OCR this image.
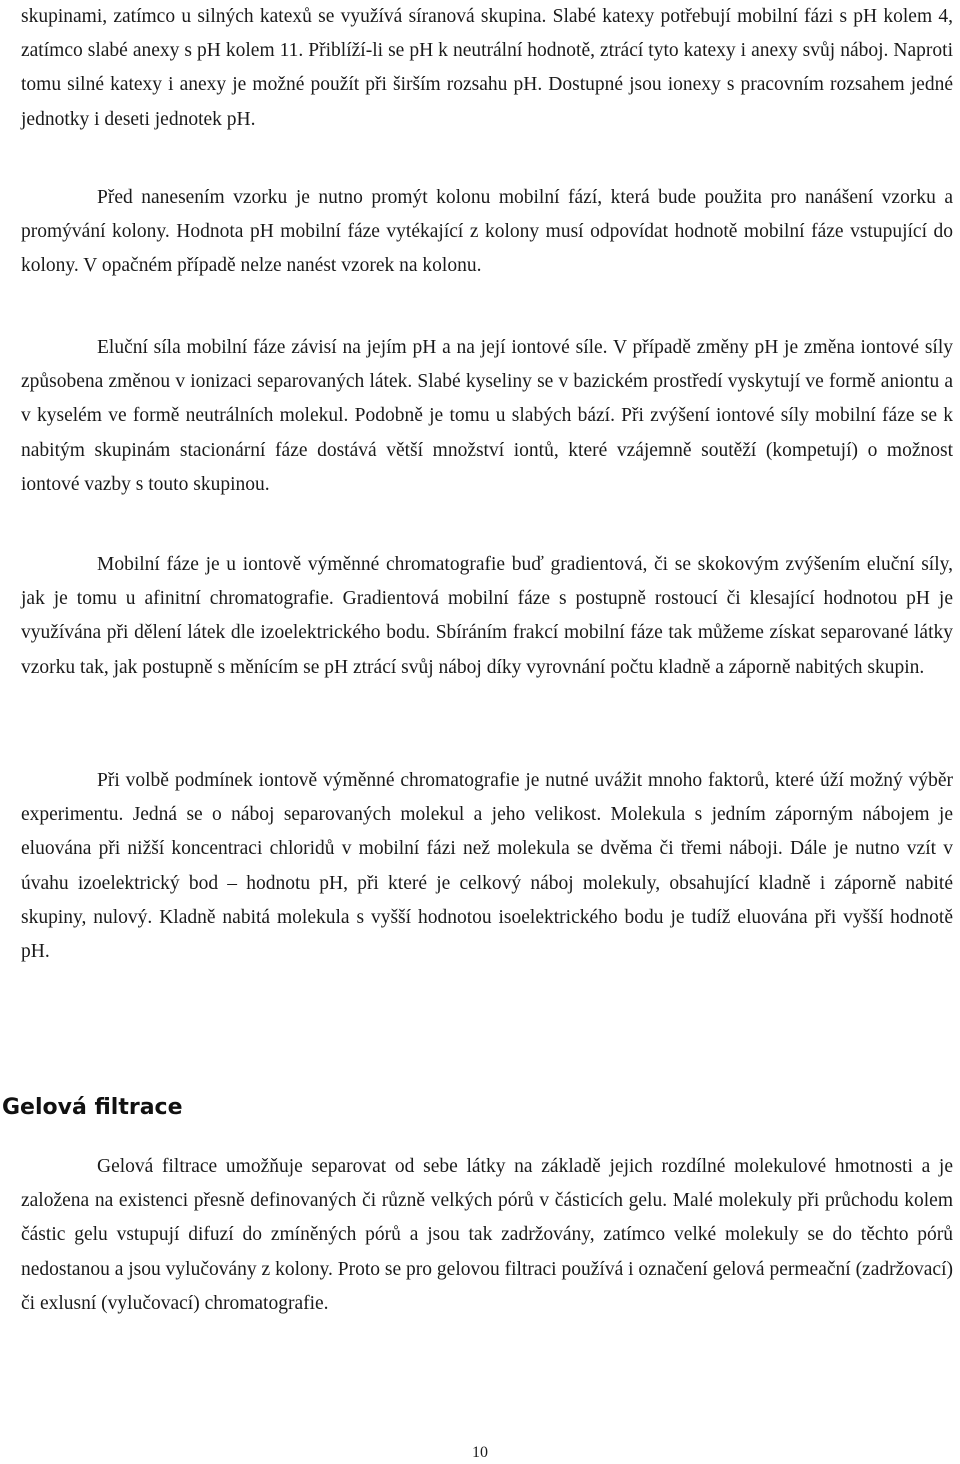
skupinami, zatímco u silných katexů se využívá síranová skupina. Slabé katexy potřebují mobilní fázi s pH kolem 4, zatímco slabé anexy s pH kolem 11. Přiblíží-li se pH k neutrální hodnotě, ztrácí tyto katexy i anexy svůj náboj. Naproti tomu silné katexy i anexy je možné použít při širším rozsahu pH. Dostupné jsou ionexy s pracovním rozsahem jedné jednotky i deseti jednotek pH.

Před nanesením vzorku je nutno promýt kolonu mobilní fází, která bude použita pro nanášení vzorku a promývání kolony. Hodnota pH mobilní fáze vytékající z kolony musí odpovídat hodnotě mobilní fáze vstupující do kolony. V opačném případě nelze nanést vzorek na kolonu.

Eluční síla mobilní fáze závisí na jejím pH a na její iontové síle. V případě změny pH je změna iontové síly způsobena změnou v ionizaci separovaných látek. Slabé kyseliny se v bazickém prostředí vyskytují ve formě aniontu a v kyselém ve formě neutrálních molekul. Podobně je tomu u slabých bází. Při zvýšení iontové síly mobilní fáze se k nabitým skupinám stacionární fáze dostává větší množství iontů, které vzájemně soutěží (kompetují) o možnost iontové vazby s touto skupinou.

Mobilní fáze je u iontově výměnné chromatografie buď gradientová, či se skokovým zvýšením eluční síly, jak je tomu u afinitní chromatografie. Gradientová mobilní fáze s postupně rostoucí či klesající hodnotou pH je využívána při dělení látek dle izoelektrického bodu. Sbíráním frakcí mobilní fáze tak můžeme získat separované látky vzorku tak, jak postupně s měnícím se pH ztrácí svůj náboj díky vyrovnání počtu kladně a záporně nabitých skupin.

Při volbě podmínek iontově výměnné chromatografie je nutné uvážit mnoho faktorů, které úží možný výběr experimentu. Jedná se o náboj separovaných molekul a jeho velikost. Molekula s jedním záporným nábojem je eluována při nižší koncentraci chloridů v mobilní fázi než molekula se dvěma či třemi náboji. Dále je nutno vzít v úvahu izoelektrický bod – hodnotu pH, při které je celkový náboj molekuly, obsahující kladně i záporně nabité skupiny, nulový. Kladně nabitá molekula s vyšší hodnotou isoelektrického bodu je tudíž eluována při vyšší hodnotě pH.

Gelová filtrace

Gelová filtrace umožňuje separovat od sebe látky na základě jejich rozdílné molekulové hmotnosti a je založena na existenci přesně definovaných či různě velkých pórů v částicích gelu. Malé molekuly při průchodu kolem částic gelu vstupují difuzí do zmíněných pórů a jsou tak zadržovány, zatímco velké molekuly se do těchto pórů nedostanou a jsou vylučovány z kolony. Proto se pro gelovou filtraci používá i označení gelová permeační (zadržovací) či exlusní (vylučovací) chromatografie.

10
